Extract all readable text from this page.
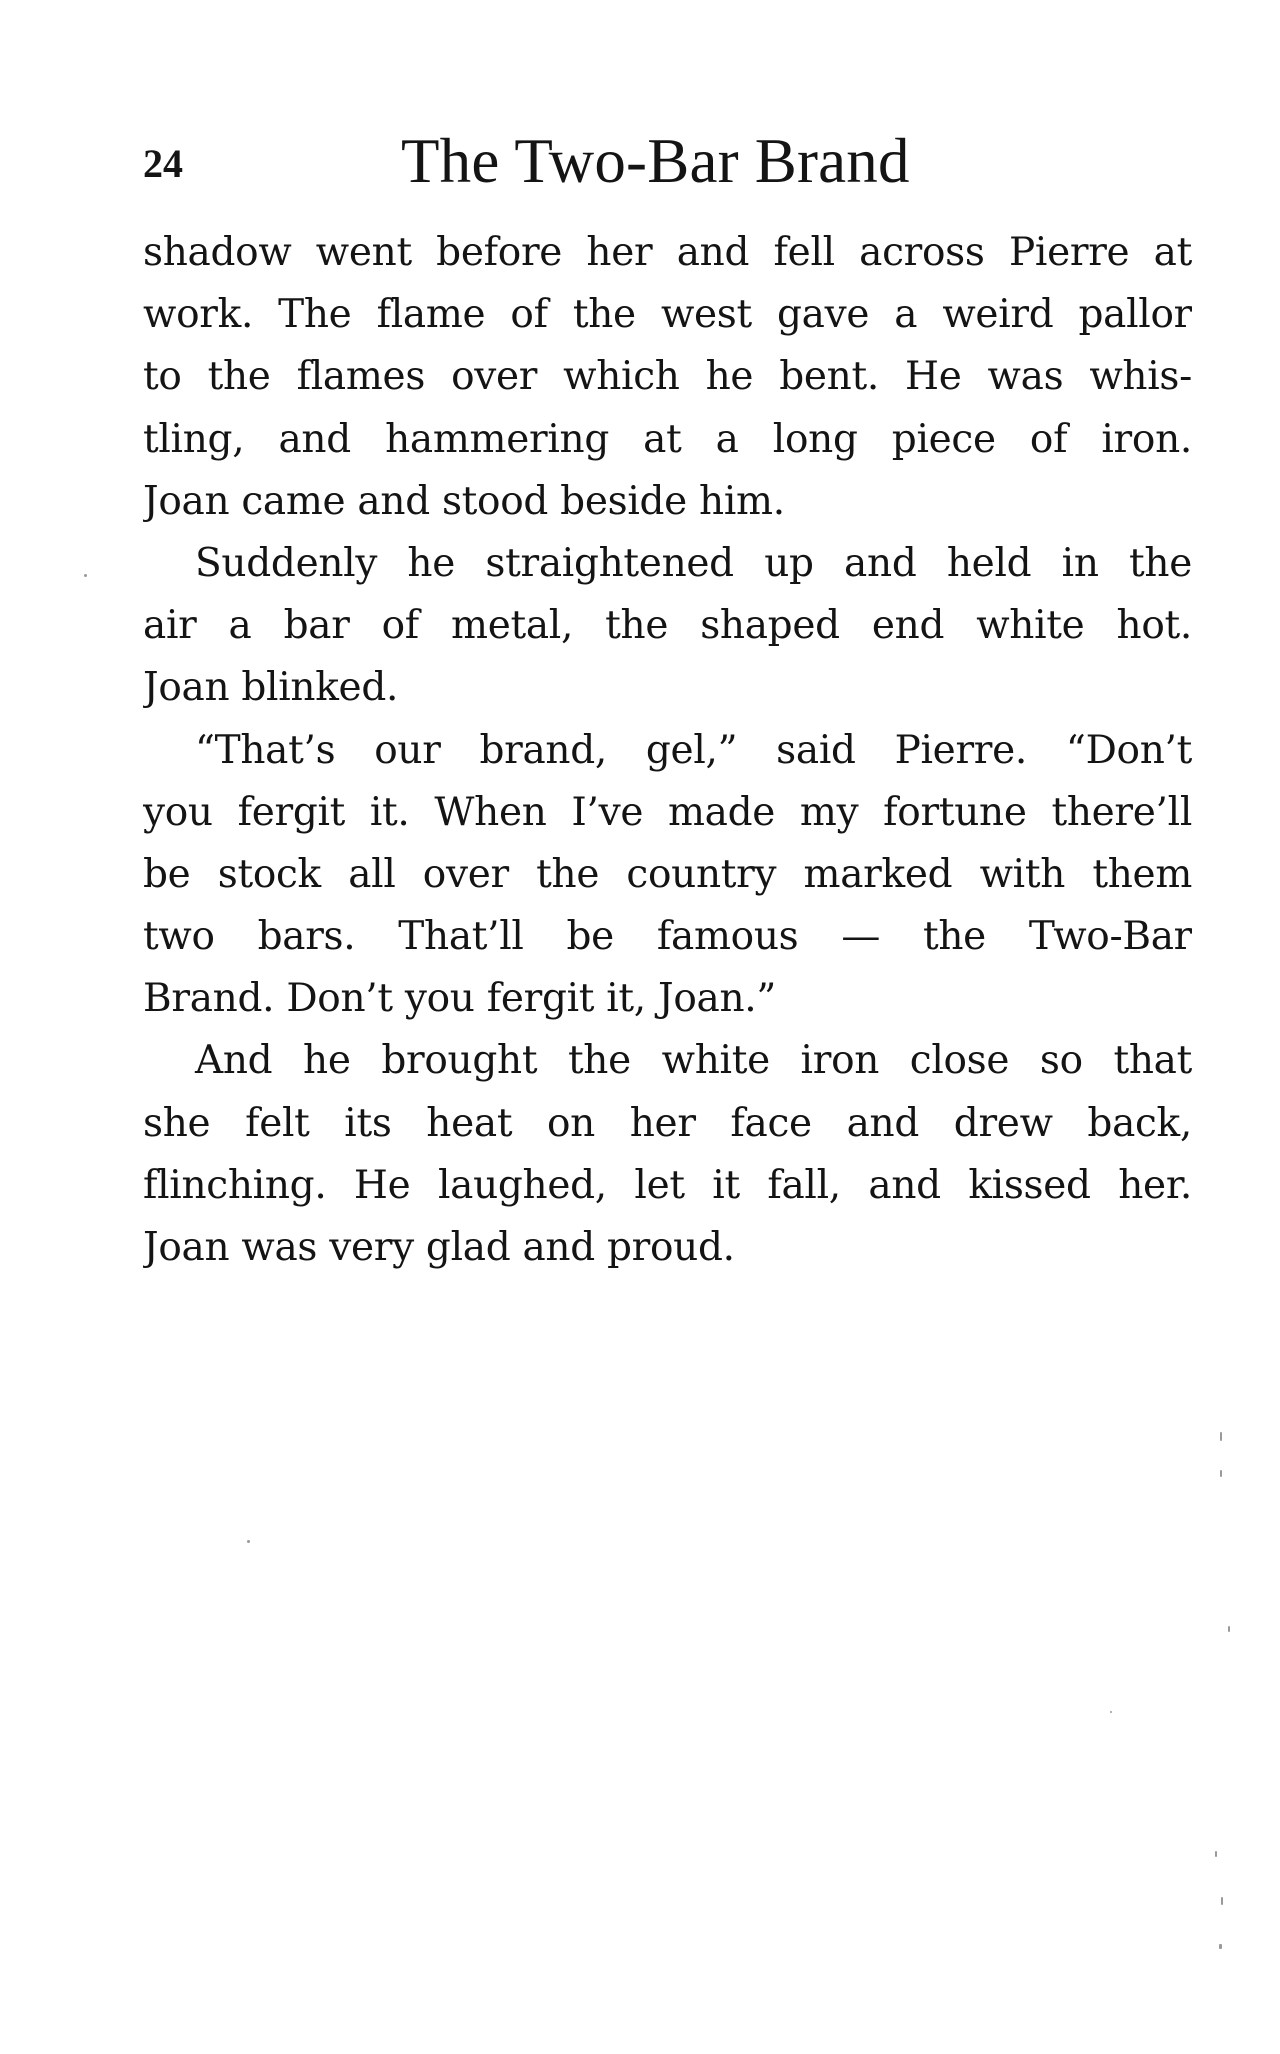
24	The Two-Bar Brand
shadow went before her and fell across Pierre at
work. The flame of the west gave a weird pallor
to the flames over which he bent. He was whis-
tling, and hammering at a long piece of iron.
Joan came and stood beside him.
Suddenly he straightened up and held in the
air a bar of metal, the shaped end white hot.
Joan blinked.
“That’s our brand, gel,” said Pierre. “Don’t
you fergit it. When I’ve made my fortune there’ll
be stock all over the country marked with them
two bars. That’ll be famous — the Two-Bar
Brand. Don’t you fergit it, Joan.”
And he brought the white iron close so that
she felt its heat on her face and drew back,
flinching. He laughed, let it fall, and kissed her.
Joan was very glad and proud.
